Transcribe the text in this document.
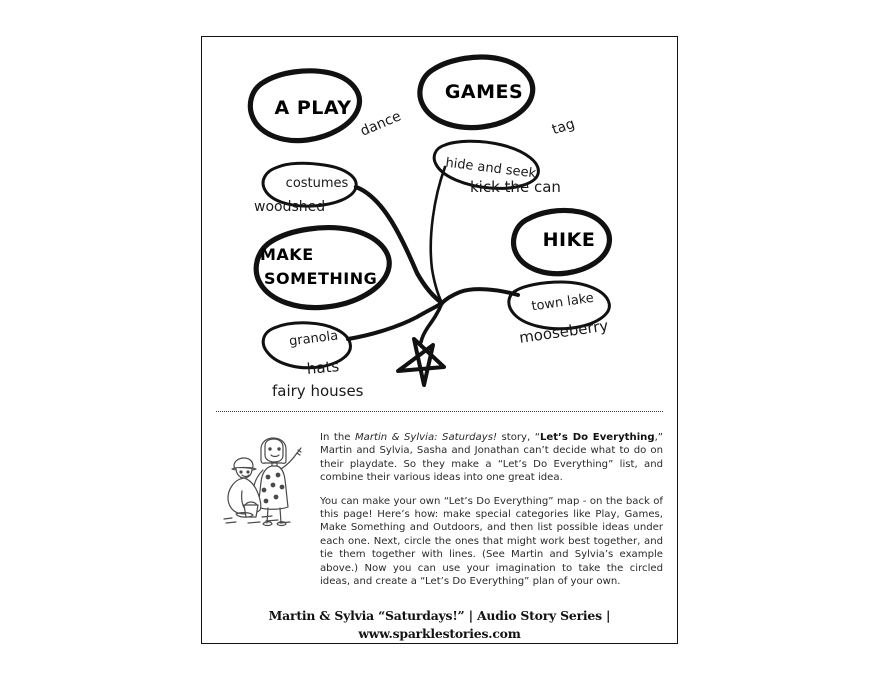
A PLAY
GAMES
MAKE
SOMETHING
HIKE
costumes
hide and seek
granola
town lake
dance
woodshed
tag
kick the can
hats
fairy houses
mooseberry

In the Martin & Sylvia: Saturdays! story, “Let’s Do Everything,” Martin and Sylvia, Sasha and Jonathan can’t decide what to do on their playdate. So they make a “Let’s Do Everything” list, and combine their various ideas into one great idea.

You can make your own “Let’s Do Everything” map - on the back of this page! Here’s how: make special categories like Play, Games, Make Something and Outdoors, and then list possible ideas under each one. Next, circle the ones that might work best together, and tie them together with lines. (See Martin and Sylvia’s example above.) Now you can use your imagination to take the circled ideas, and create a “Let’s Do Everything” plan of your own.

Martin & Sylvia “Saturdays!” | Audio Story Series | www.sparklestories.com
